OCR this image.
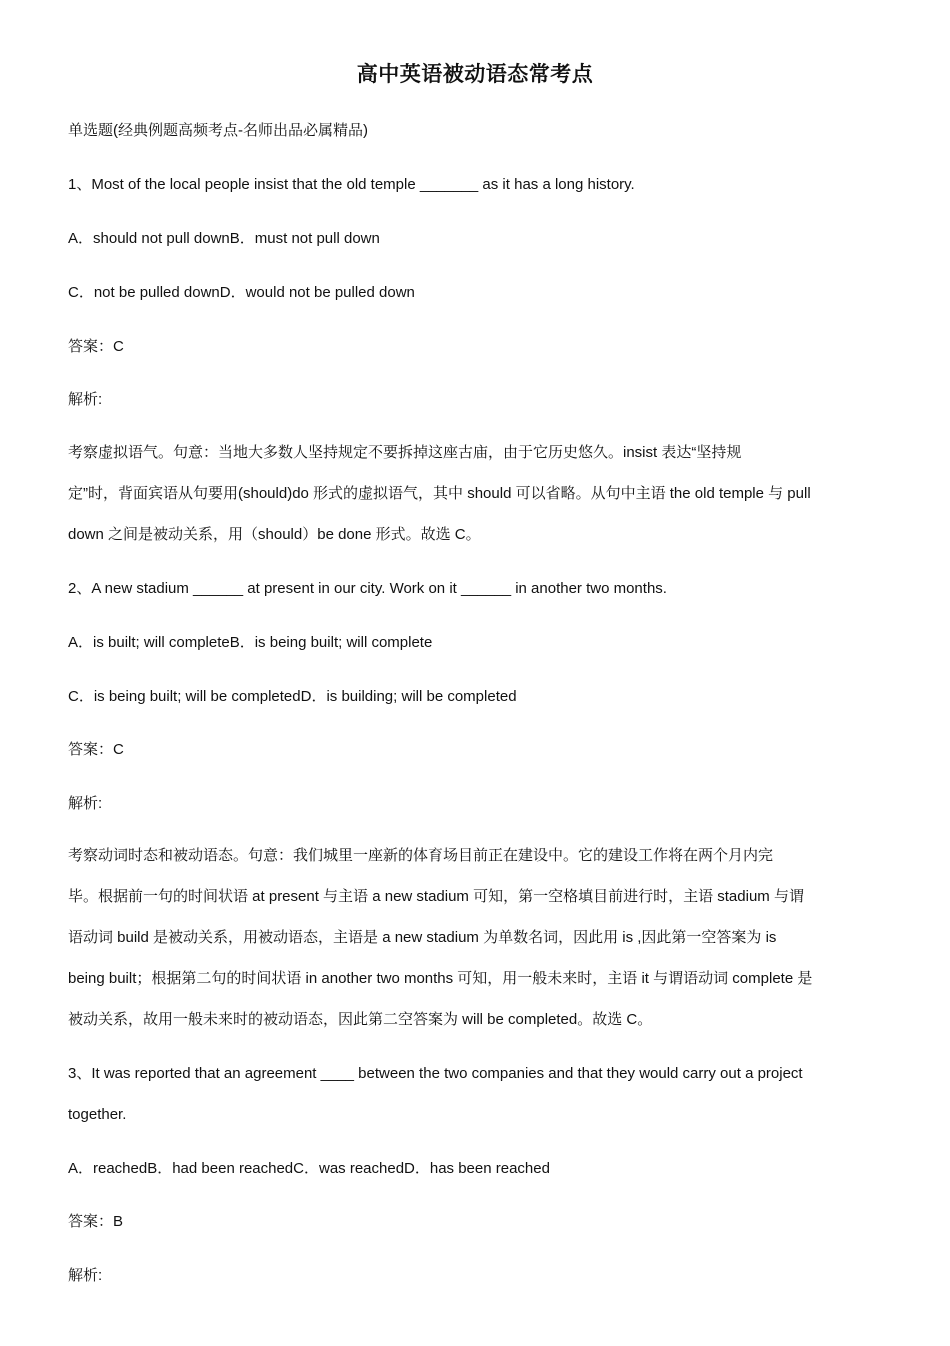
高中英语被动语态常考点
单选题(经典例题高频考点-名师出品必属精品)
1、Most of the local people insist that the old temple _______ as it has a long history.
A．should not pull downB．must not pull down
C．not be pulled downD．would not be pulled down
答案：C
解析:
考察虚拟语气。句意：当地大多数人坚持规定不要拆掉这座古庙，由于它历史悠久。insist 表达“坚持规
定”时，背面宾语从句要用(should)do 形式的虚拟语气，其中 should 可以省略。从句中主语 the old temple 与 pull
down 之间是被动关系，用（should）be done 形式。故选 C。
2、A new stadium ______ at present in our city. Work on it ______ in another two months.
A．is built; will completeB．is being built; will complete
C．is being built; will be completedD．is building; will be completed
答案：C
解析:
考察动词时态和被动语态。句意：我们城里一座新的体育场目前正在建设中。它的建设工作将在两个月内完
毕。根据前一句的时间状语 at present 与主语 a new stadium 可知，第一空格填目前进行时，主语 stadium 与谓
语动词 build 是被动关系，用被动语态，主语是 a new stadium 为单数名词，因此用 is ,因此第一空答案为 is
being built；根据第二句的时间状语 in another two months 可知，用一般未来时，主语 it 与谓语动词 complete 是
被动关系，故用一般未来时的被动语态，因此第二空答案为 will be completed。故选 C。
3、It was reported that an agreement ____ between the two companies and that they would carry out a project
together.
A．reachedB．had been reachedC．was reachedD．has been reached
答案：B
解析:
